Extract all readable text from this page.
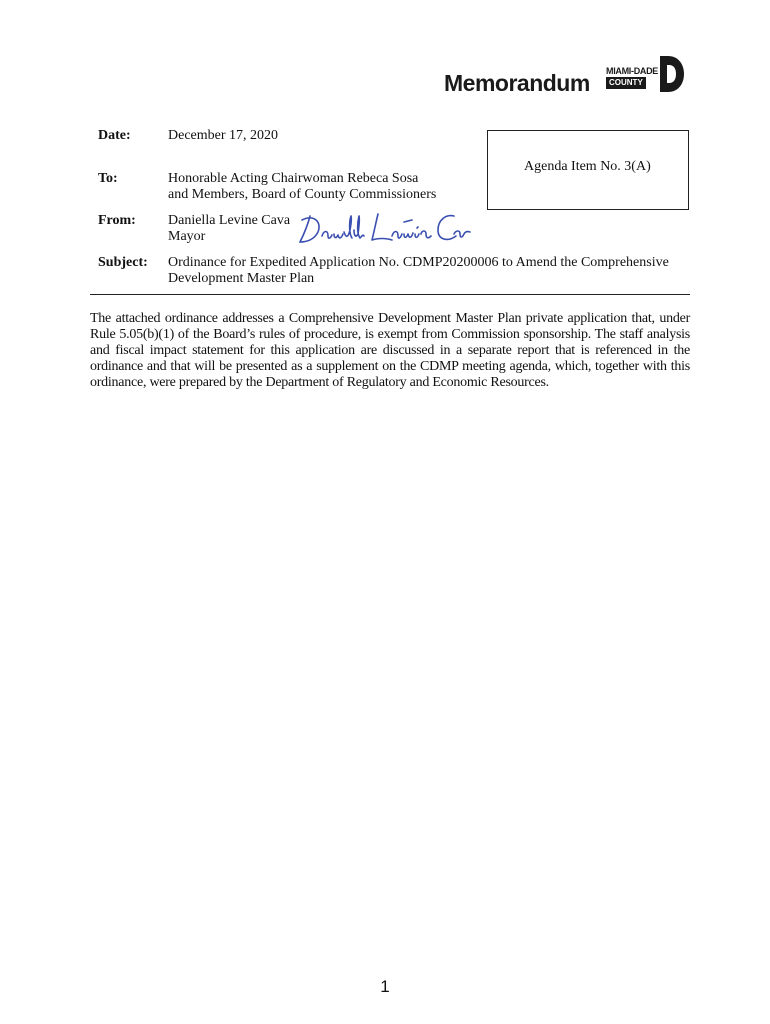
Memorandum MIAMI-DADE
COUNTY
Date:	December 17, 2020
To:	Honorable Acting Chairwoman Rebeca Sosa
and Members, Board of County Commissioners
From: Daniella Levine Cava
Mayor
Subject: Ordinance for Expedited Application No. CDMP20200006 to Amend the Comprehensive
Development Master Plan
Agenda Item No. 3(A)
The attached ordinance addresses a Comprehensive Development Master Plan private application that, under Rule 5.05(b)(1) of the Board’s rules of procedure, is exempt from Commission sponsorship. The staff analysis and fiscal impact statement for this application are discussed in a separate report that is referenced in the ordinance and that will be presented as a supplement on the CDMP meeting agenda, which, together with this ordinance, were prepared by the Department of Regulatory and Economic Resources.
1
